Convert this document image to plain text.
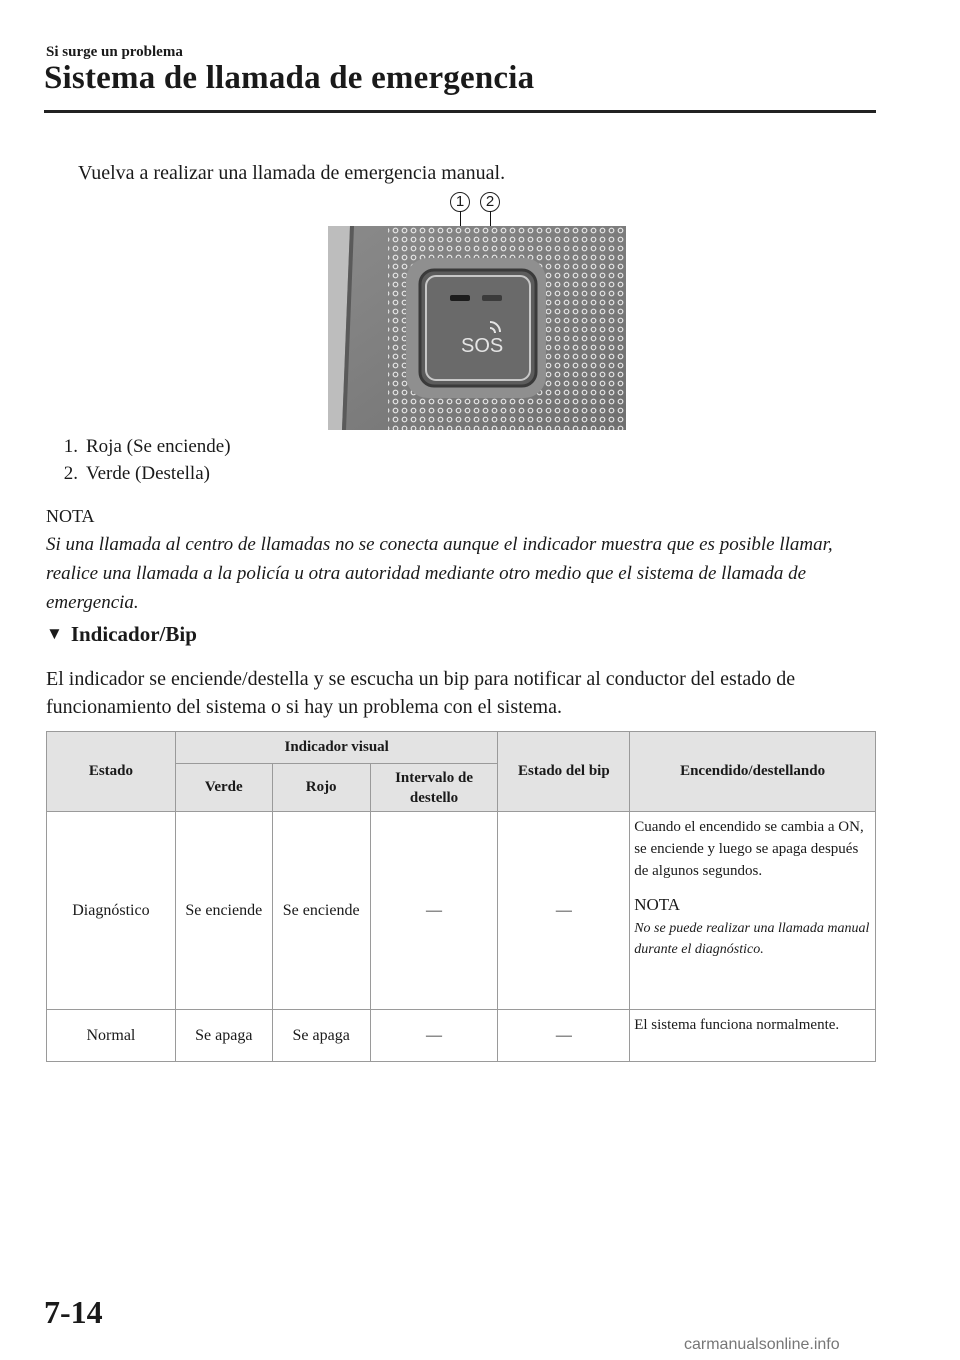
Si surge un problema
Sistema de llamada de emergencia
Vuelva a realizar una llamada de emergencia manual.
1	2
SOS
1. Roja (Se enciende)
2. Verde (Destella)
NOTA
Si una llamada al centro de llamadas no se conecta aunque el indicador muestra que es posible llamar, realice una llamada a la policía u otra autoridad mediante otro medio que el sistema de llamada de emergencia.
▼ Indicador/Bip
El indicador se enciende/destella y se escucha un bip para notificar al conductor del estado de funcionamiento del sistema o si hay un problema con el sistema.
Estado	Indicador visual			Estado del bip	Encendido/destellando
	Verde	Rojo	Intervalo de destello		
Diagnóstico	Se enciende	Se enciende	—	—	Cuando el encendido se cambia a ON, se enciende y luego se apaga después de algunos segundos.
NOTA
No se puede realizar una llamada manual durante el diagnóstico.

Normal	Se apaga	Se apaga	—	—	El sistema funciona normalmente.
7-14
carmanualsonline.info
